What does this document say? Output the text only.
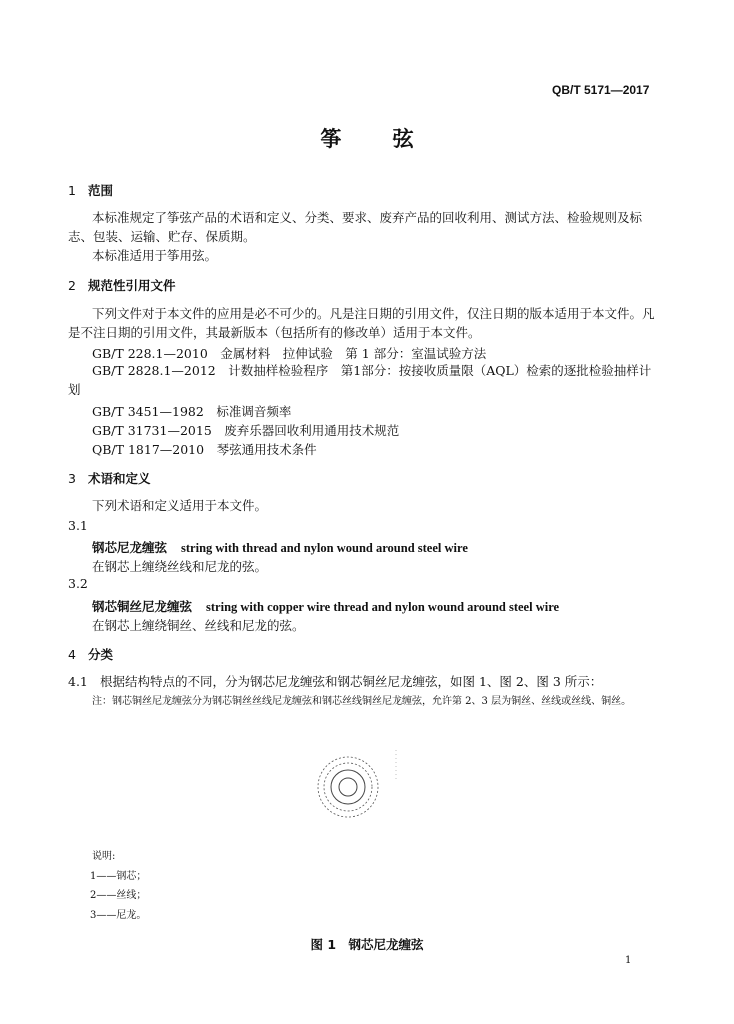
QB/T 5171—2017
筝 弦
1 范围
本标准规定了筝弦产品的术语和定义、分类、要求、废弃产品的回收利用、测试方法、检验规则及标志、包装、运输、贮存、保质期。
本标准适用于筝用弦。
2 规范性引用文件
下列文件对于本文件的应用是必不可少的。凡是注日期的引用文件，仅注日期的版本适用于本文件。凡是不注日期的引用文件，其最新版本（包括所有的修改单）适用于本文件。
GB/T 228.1—2010　金属材料　拉伸试验　第 1 部分：室温试验方法
GB/T 2828.1—2012　计数抽样检验程序　第1部分：按接收质量限（AQL）检索的逐批检验抽样计划
GB/T 3451—1982　标准调音频率
GB/T 31731—2015　废弃乐器回收利用通用技术规范
QB/T 1817—2010　琴弦通用技术条件
3 术语和定义
下列术语和定义适用于本文件。
3.1
钢芯尼龙缠弦 string with thread and nylon wound around steel wire
在钢芯上缠绕丝线和尼龙的弦。
3.2
钢芯铜丝尼龙缠弦 string with copper wire thread and nylon wound around steel wire
在钢芯上缠绕铜丝、丝线和尼龙的弦。
4 分类
4.1 根据结构特点的不同，分为钢芯尼龙缠弦和钢芯铜丝尼龙缠弦，如图 1、图 2、图 3 所示：
注：钢芯铜丝尼龙缠弦分为钢芯铜丝丝线尼龙缠弦和钢芯丝线铜丝尼龙缠弦，允许第 2、3 层为铜丝、丝线或丝线、铜丝。
说明:
1——钢芯；
2——丝线；
3——尼龙。
图 1　钢芯尼龙缠弦
1
